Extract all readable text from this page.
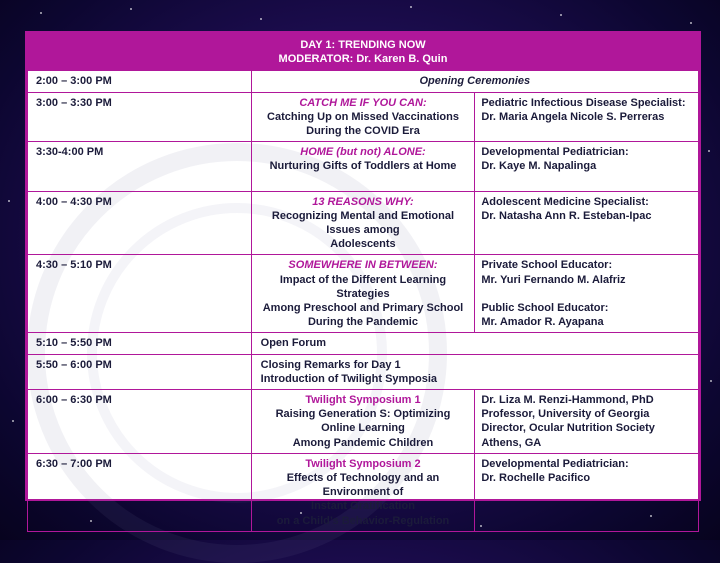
DAY 1: TRENDING NOW
MODERATOR: Dr. Karen B. Quin		

2:00 – 3:00 PM	Opening Ceremonies	
3:00 – 3:30 PM	CATCH ME IF YOU CAN:
Catching Up on Missed Vaccinations
During the COVID Era	Pediatric Infectious Disease Specialist:
Dr. Maria Angela Nicole S. Perreras

3:30-4:00 PM	HOME (but not) ALONE:
Nurturing Gifts of Toddlers at Home	Developmental Pediatrician:
Dr. Kaye M. Napalinga

4:00 – 4:30 PM	13 REASONS WHY:
Recognizing Mental and Emotional Issues among
Adolescents	Adolescent Medicine Specialist:
Dr. Natasha Ann R. Esteban-Ipac

4:30 – 5:10 PM	SOMEWHERE IN BETWEEN:
Impact of the Different Learning Strategies
Among Preschool and Primary School
During the Pandemic	Private School Educator:
Mr. Yuri Fernando M. Alafriz
Public School Educator:
Mr. Amador R. Ayapana

5:10 – 5:50 PM	Open Forum	
5:50 – 6:00 PM	Closing Remarks for Day 1
Introduction of Twilight Symposia	

6:00 – 6:30 PM	Twilight Symposium 1
Raising Generation S: Optimizing Online Learning
Among Pandemic Children	Dr. Liza M. Renzi-Hammond, PhD
Professor, University of Georgia
Director, Ocular Nutrition Society
Athens, GA

6:30 – 7:00 PM	Twilight Symposium 2
Effects of Technology and an Environment of
Instant Gratification
on a Child’s Behavior-Regulation	Developmental Pediatrician:
Dr. Rochelle Pacifico
